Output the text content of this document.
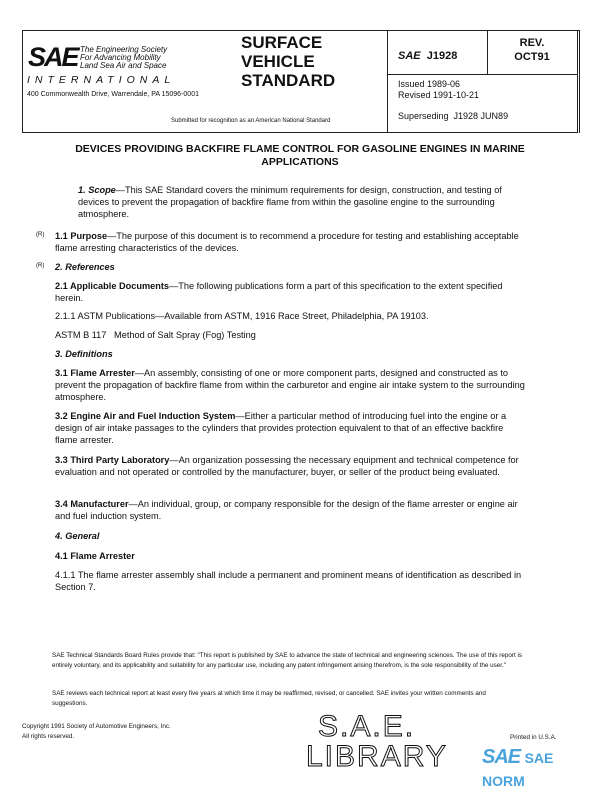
SAE The Engineering Society
For Advancing Mobility
Land Sea Air and Space
INTERNATIONAL
400 Commonwealth Drive, Warrendale, PA 15096-0001
SURFACE
VEHICLE
STANDARD
Submitted for recognition as an American National Standard
SAE J1928
REV.
OCT91
Issued 1989-06
Revised 1991-10-21
Superseding  J1928 JUN89
DEVICES PROVIDING BACKFIRE FLAME CONTROL FOR GASOLINE ENGINES IN MARINE APPLICATIONS

1. Scope—This SAE Standard covers the minimum requirements for design, construction, and testing of devices to prevent the propagation of backfire flame from within the gasoline engine to the surrounding atmosphere.

(R) 1.1 Purpose—The purpose of this document is to recommend a procedure for testing and establishing acceptable flame arresting characteristics of the devices.

(R) 2. References

2.1 Applicable Documents—The following publications form a part of this specification to the extent specified herein.

2.1.1 ASTM Publications—Available from ASTM, 1916 Race Street, Philadelphia, PA 19103.
ASTM B 117   Method of Salt Spray (Fog) Testing
3. Definitions

3.1 Flame Arrester—An assembly, consisting of one or more component parts, designed and constructed as to prevent the propagation of backfire flame from within the carburetor and engine air intake system to the surrounding atmosphere.

3.2 Engine Air and Fuel Induction System—Either a particular method of introducing fuel into the engine or a design of air intake passages to the cylinders that provides protection equivalent to that of an effective backfire flame arrester.

3.3 Third Party Laboratory—An organization possessing the necessary equipment and technical competence for evaluation and not operated or controlled by the manufacturer, buyer, or seller of the product being evaluated.

3.4 Manufacturer—An individual, group, or company responsible for the design of the flame arrester or engine air and fuel induction system.

4. General
4.1 Flame Arrester
4.1.1 The flame arrester assembly shall include a permanent and prominent means of identification as described in Section 7.
SAE Technical Standards Board Rules provide that: "This report is published by SAE to advance the state of technical and engineering sciences. The use of this report is entirely voluntary, and its applicability and suitability for any particular use, including any patent infringement arising therefrom, is the sole responsibility of the user."
SAE reviews each technical report at least every five years at which time it may be reaffirmed, revised, or cancelled. SAE invites your written comments and suggestions.
Copyright 1991 Society of Automotive Engineers, Inc.
All rights reserved.	S.A.E.
LIBRARY
Printed in U.S.A.
SAE SAE NORM
